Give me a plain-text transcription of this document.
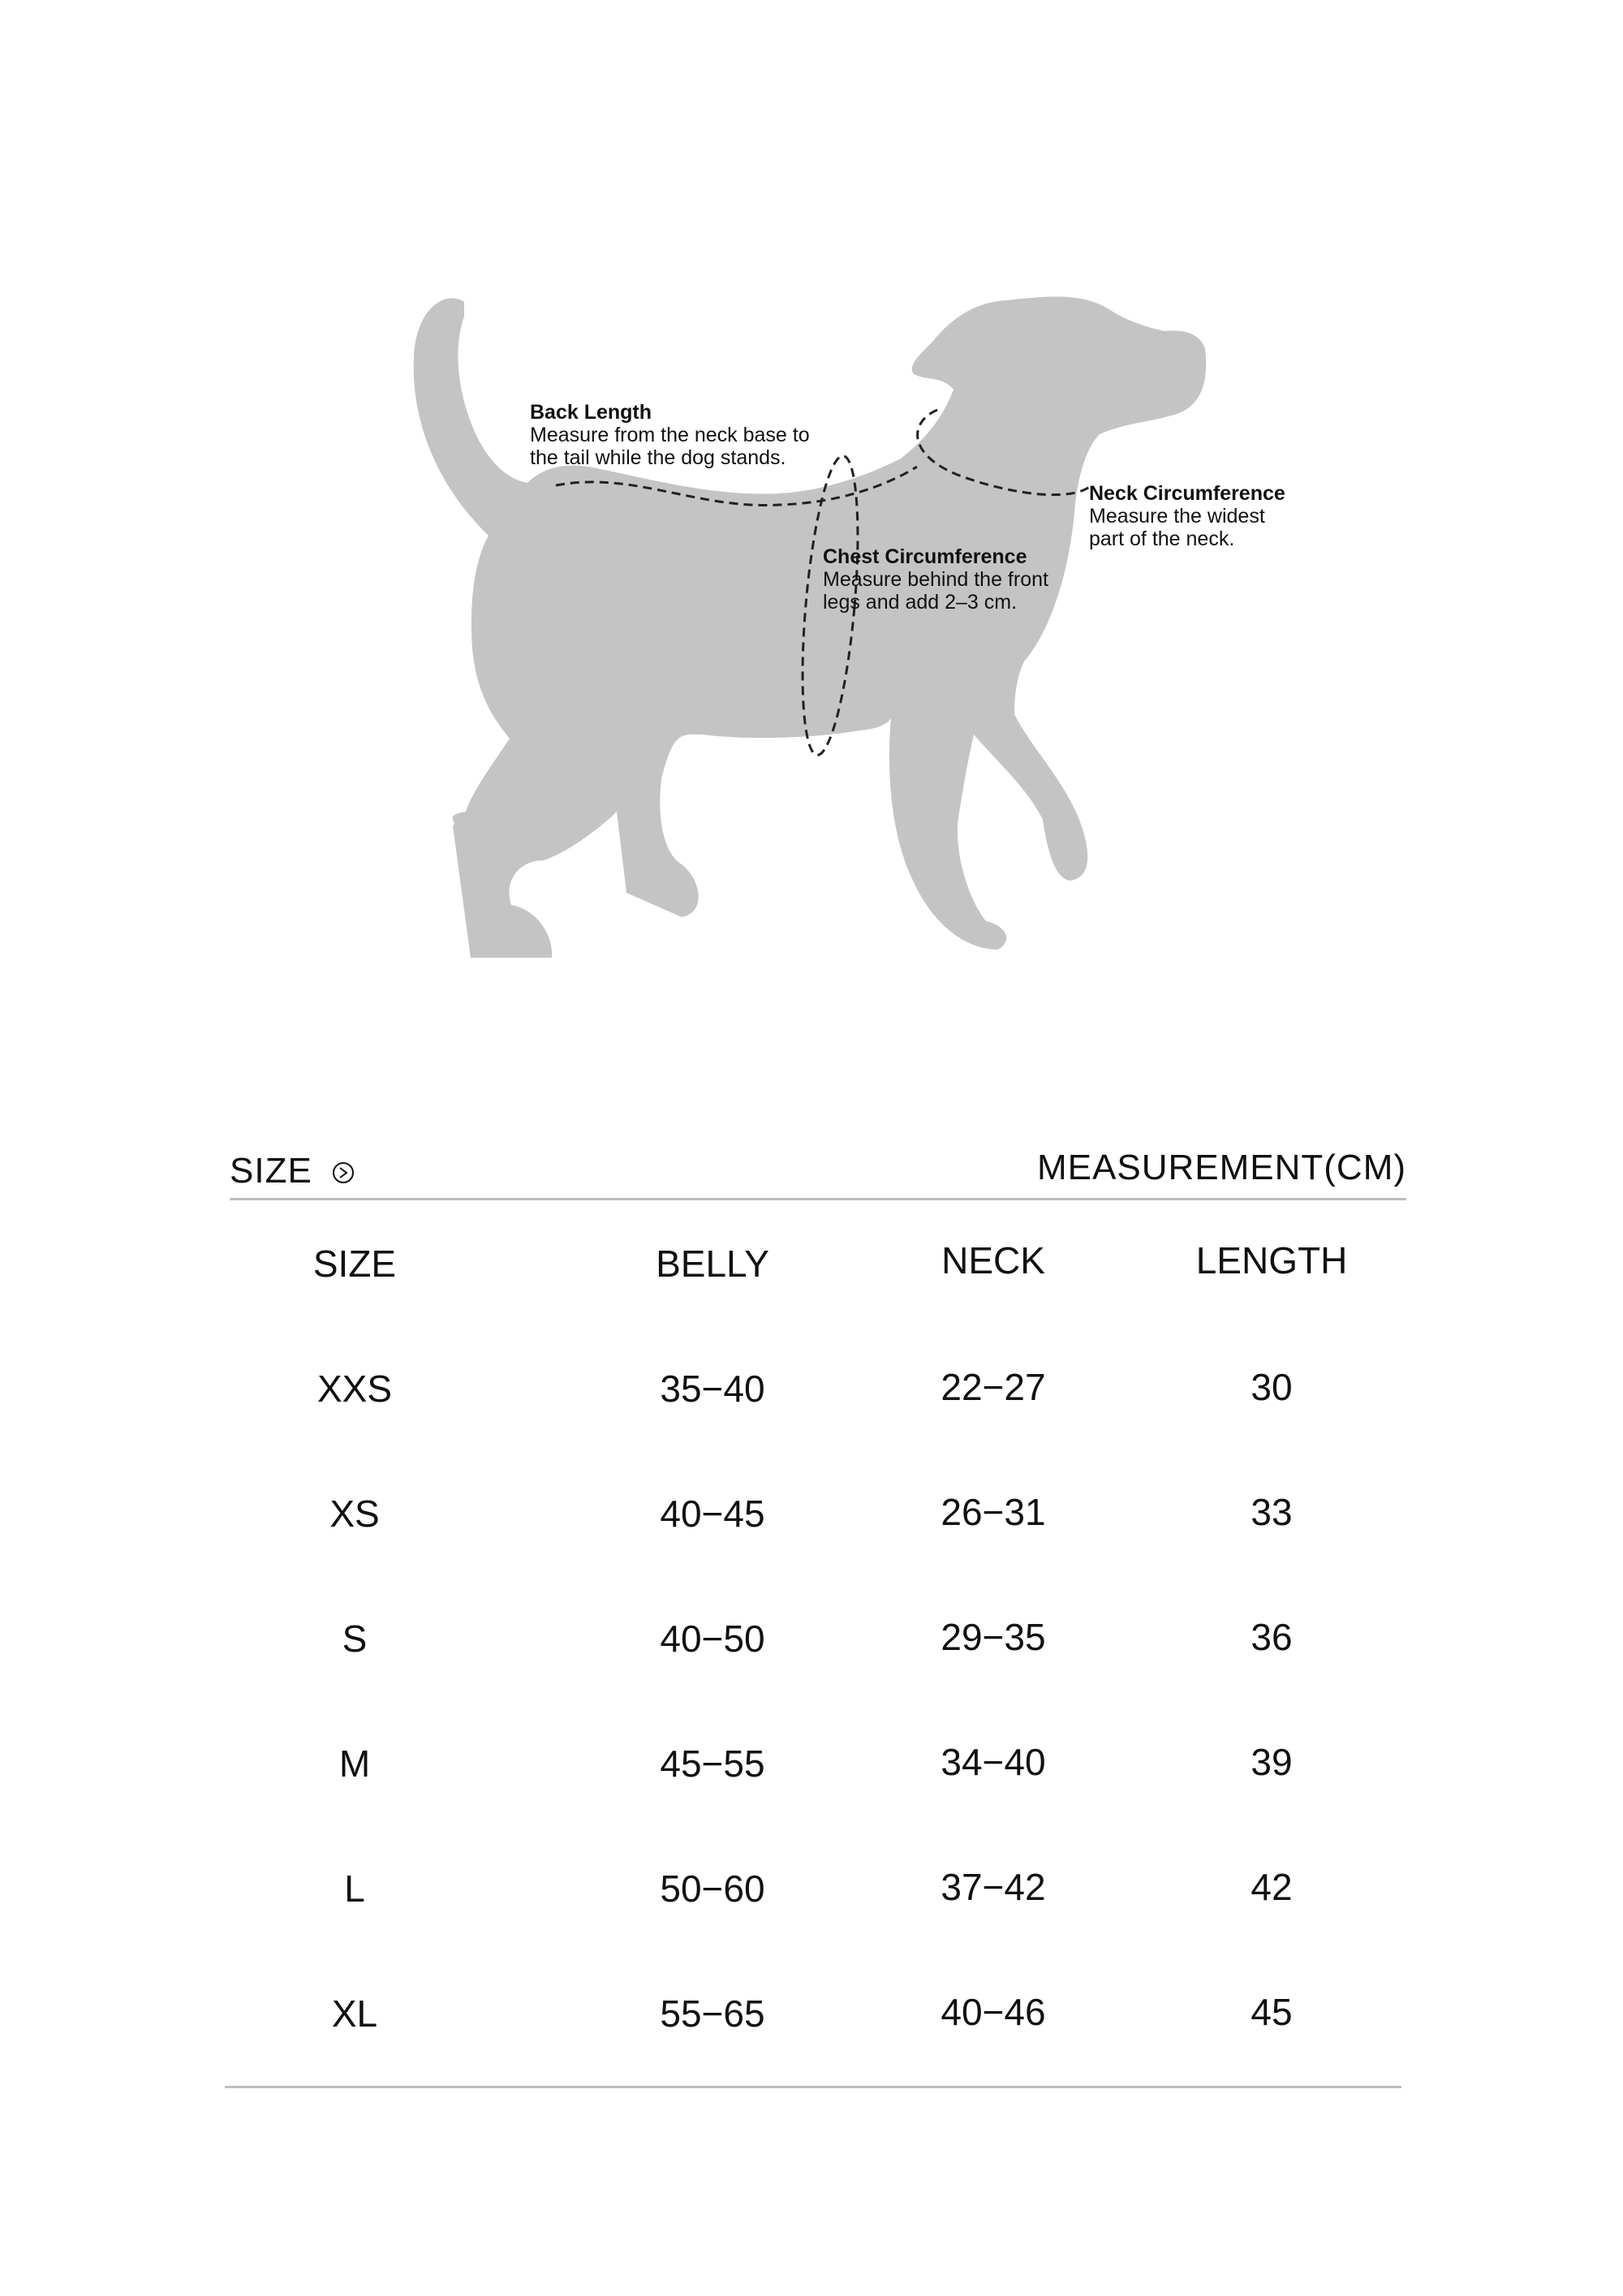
Back Length
Measure from the neck base to the tail while the dog stands.
Neck Circumference
Measure the widest part of the neck.
Chest Circumference
Measure behind the front legs and add 2–3 cm.
SIZE	MEASUREMENT(CM)
SIZE	BELLY	NECK	LENGTH
XXS	35−40	22−27	30
XS	40−45	26−31	33
S	40−50	29−35	36
M	45−55	34−40	39
L	50−60	37−42	42
XL	55−65	40−46	45
